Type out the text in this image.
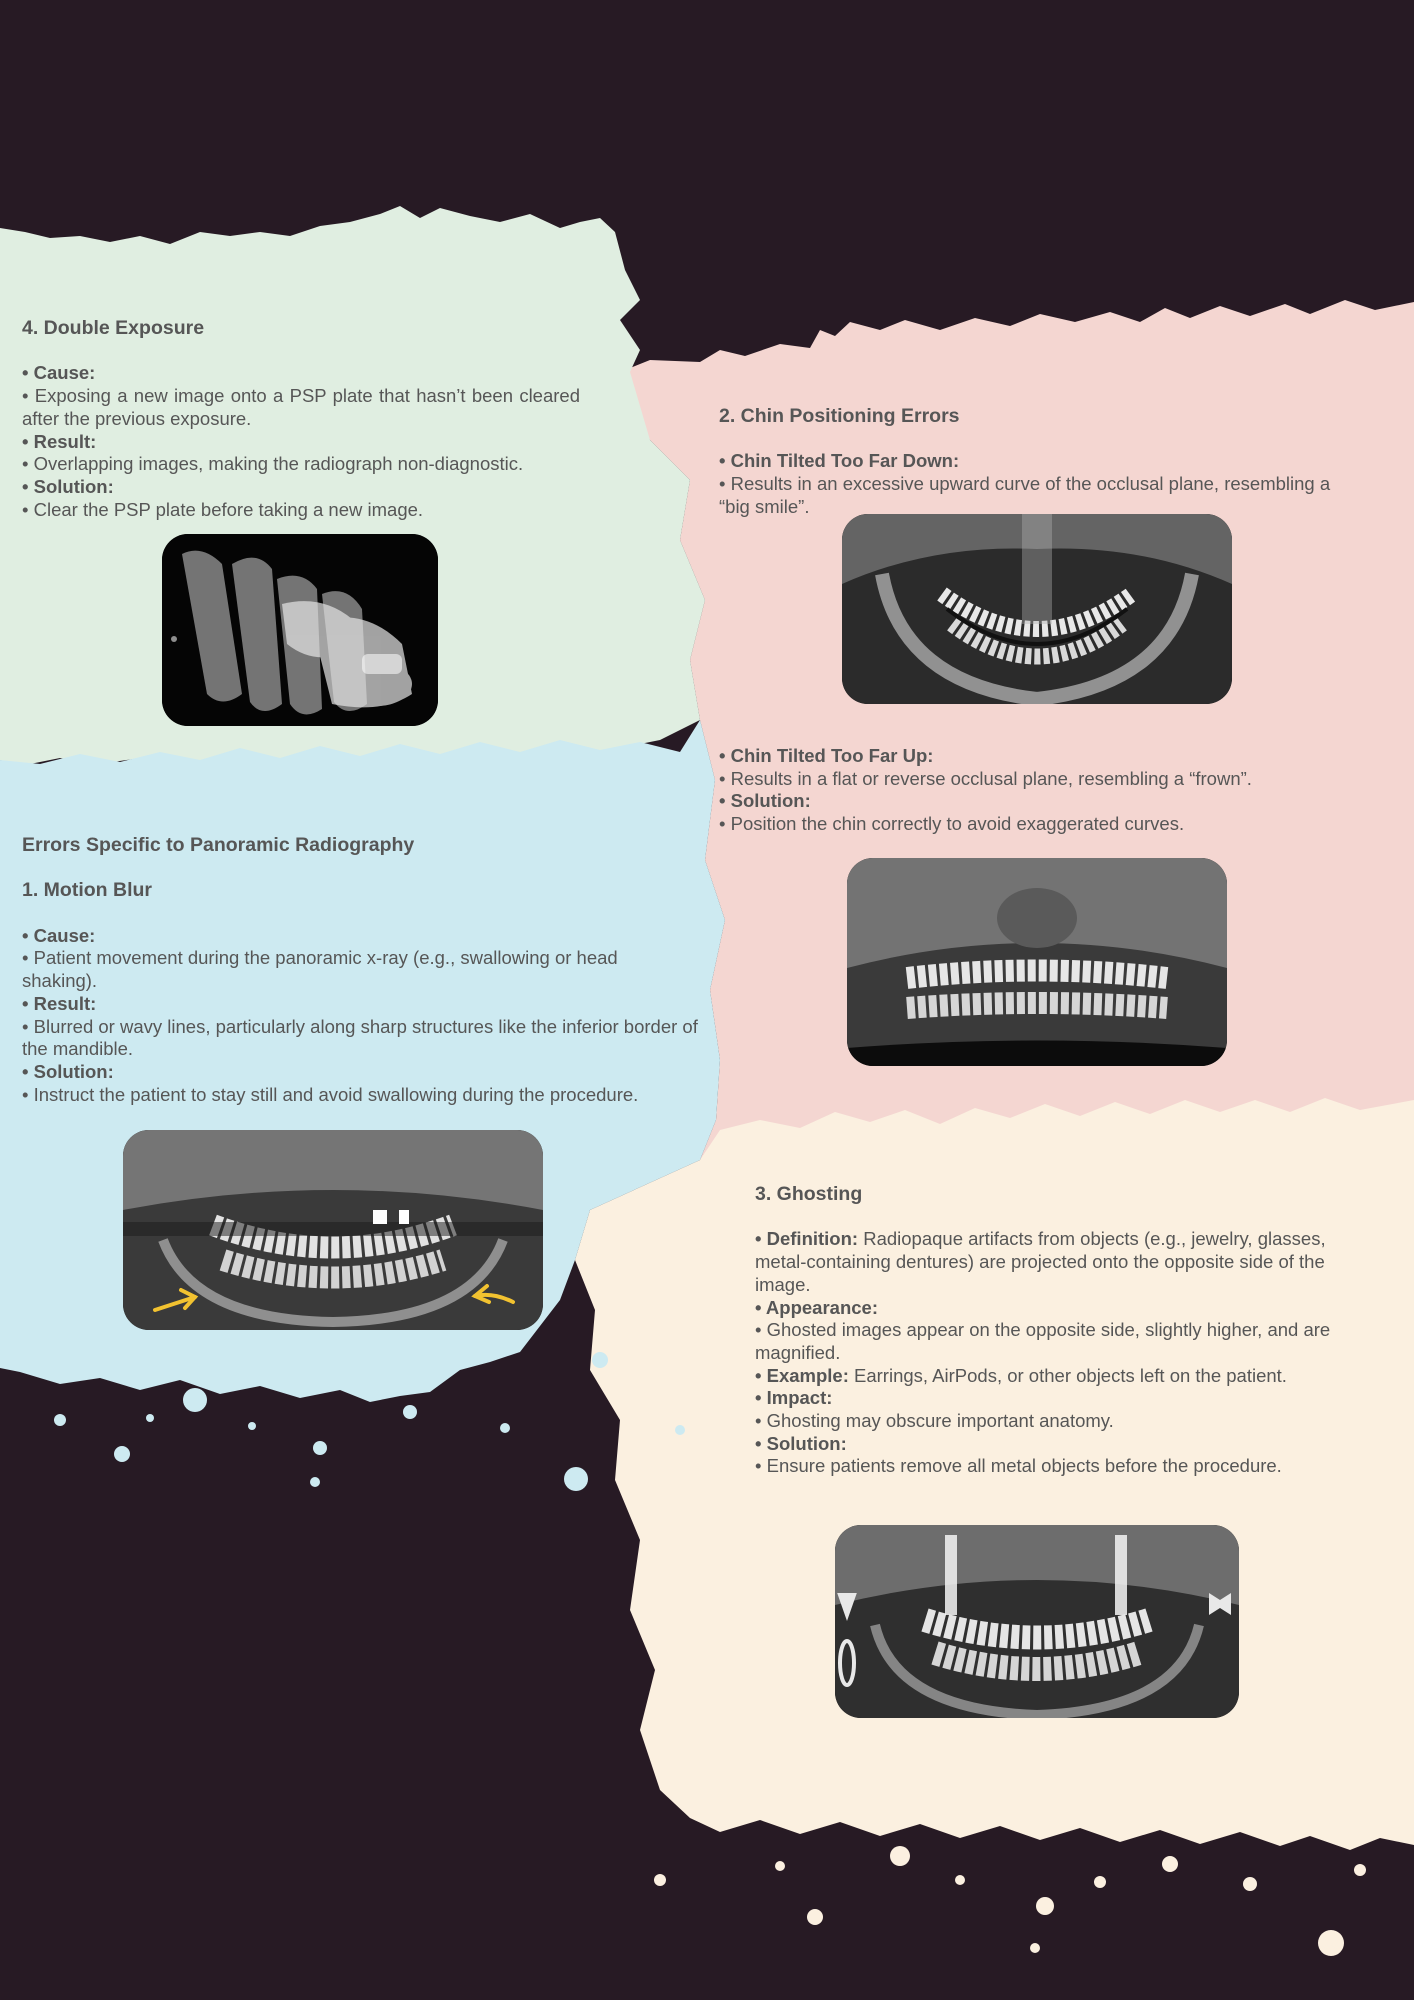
4. Double Exposure

• Cause:

• Exposing a new image onto a PSP plate that hasn’t been cleared after the previous exposure.

• Result:

• Overlapping images, making the radiograph non-diagnostic.

• Solution:

• Clear the PSP plate before taking a new image.

2. Chin Positioning Errors

• Chin Tilted Too Far Down:

• Results in an excessive upward curve of the occlusal plane, resembling a “big smile”.

• Chin Tilted Too Far Up:

• Results in a flat or reverse occlusal plane, resembling a “frown”.

• Solution:

• Position the chin correctly to avoid exaggerated curves.

Errors Specific to Panoramic Radiography

1. Motion Blur

• Cause:

• Patient movement during the panoramic x-ray (e.g., swallowing or head shaking).

• Result:

• Blurred or wavy lines, particularly along sharp structures like the inferior border of the mandible.

• Solution:

• Instruct the patient to stay still and avoid swallowing during the procedure.

3. Ghosting

• Definition: Radiopaque artifacts from objects (e.g., jewelry, glasses, metal-containing dentures) are projected onto the opposite side of the image.

• Appearance:

• Ghosted images appear on the opposite side, slightly higher, and are magnified.

• Example: Earrings, AirPods, or other objects left on the patient.

• Impact:

• Ghosting may obscure important anatomy.

• Solution:

• Ensure patients remove all metal objects before the procedure.
